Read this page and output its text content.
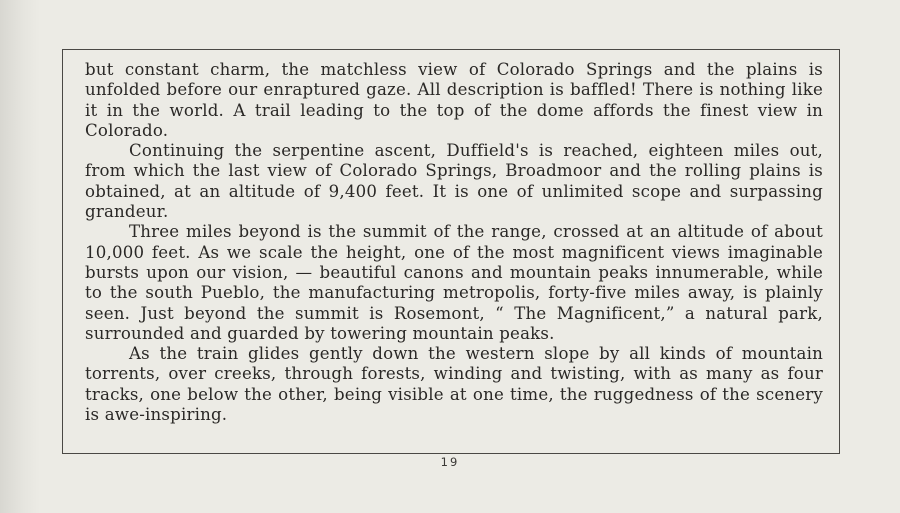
but constant charm, the matchless view of Colorado Springs and the plains is unfolded before our enraptured gaze. All description is baffled! There is nothing like it in the world. A trail leading to the top of the dome affords the finest view in Colorado.

Continuing the serpentine ascent, Duffield's is reached, eighteen miles out, from which the last view of Colorado Springs, Broadmoor and the rolling plains is obtained, at an altitude of 9,400 feet. It is one of unlimited scope and surpassing grandeur.

Three miles beyond is the summit of the range, crossed at an altitude of about 10,000 feet. As we scale the height, one of the most magnificent views imaginable bursts upon our vision, — beautiful canons and mountain peaks innumerable, while to the south Pueblo, the manufacturing metropolis, forty-five miles away, is plainly seen. Just beyond the summit is Rosemont, “ The Magnificent,” a natural park, surrounded and guarded by towering mountain peaks.

As the train glides gently down the western slope by all kinds of mountain torrents, over creeks, through forests, winding and twisting, with as many as four tracks, one below the other, being visible at one time, the ruggedness of the scenery is awe-inspiring.

19
